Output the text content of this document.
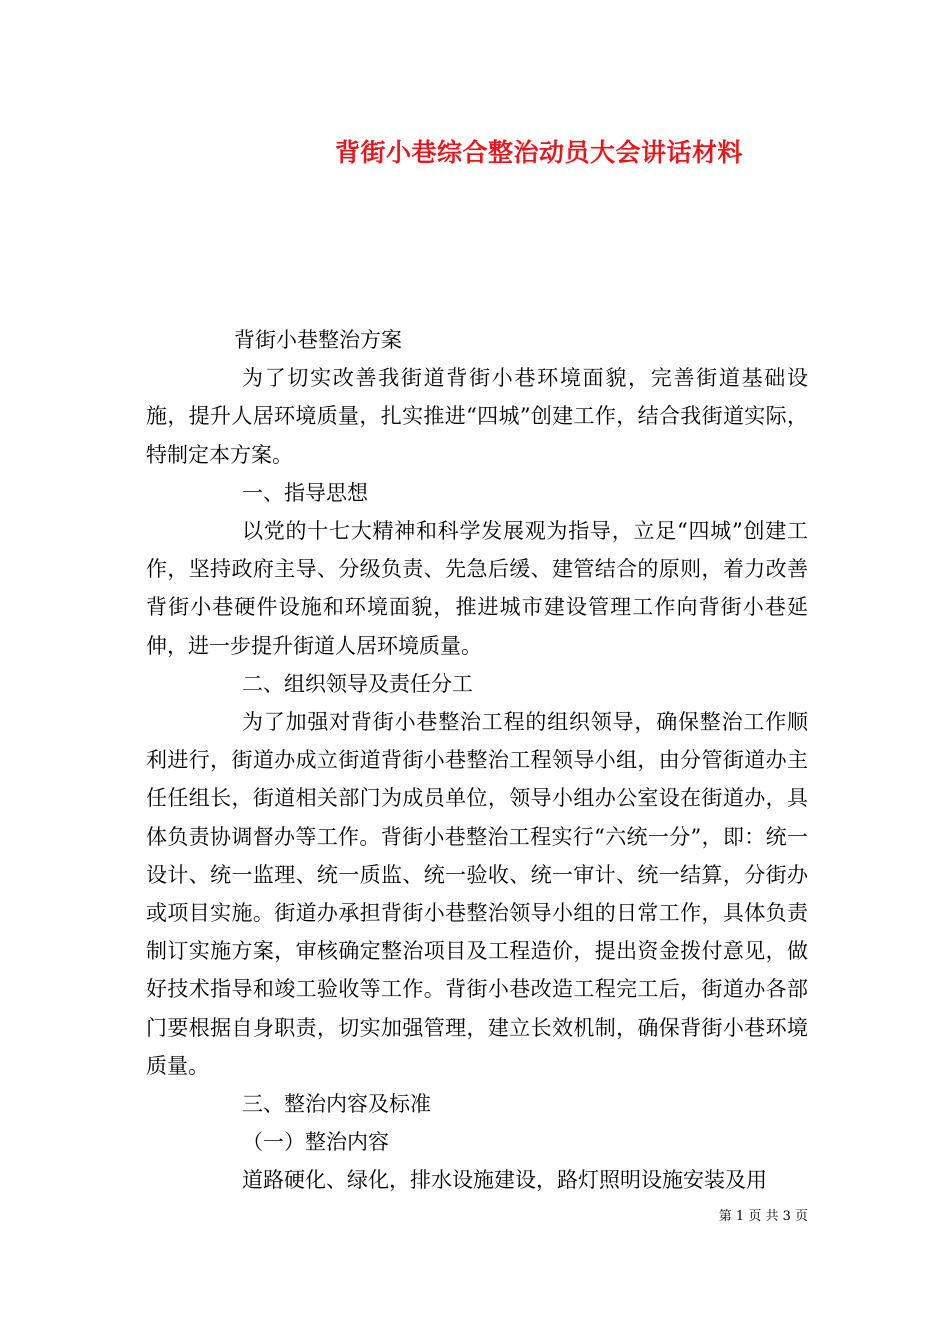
背街小巷综合整治动员大会讲话材料

背街小巷整治方案

为了切实改善我街道背街小巷环境面貌，完善街道基础设施，提升人居环境质量，扎实推进“四城”创建工作，结合我街道实际，特制定本方案。

一、指导思想

以党的十七大精神和科学发展观为指导，立足“四城”创建工作，坚持政府主导、分级负责、先急后缓、建管结合的原则，着力改善背街小巷硬件设施和环境面貌，推进城市建设管理工作向背街小巷延伸，进一步提升街道人居环境质量。

二、组织领导及责任分工

为了加强对背街小巷整治工程的组织领导，确保整治工作顺利进行，街道办成立街道背街小巷整治工程领导小组，由分管街道办主任任组长，街道相关部门为成员单位，领导小组办公室设在街道办，具体负责协调督办等工作。背街小巷整治工程实行“六统一分”，即：统一设计、统一监理、统一质监、统一验收、统一审计、统一结算，分街办或项目实施。街道办承担背街小巷整治领导小组的日常工作，具体负责制订实施方案，审核确定整治项目及工程造价，提出资金拨付意见，做好技术指导和竣工验收等工作。背街小巷改造工程完工后，街道办各部门要根据自身职责，切实加强管理，建立长效机制，确保背街小巷环境质量。

三、整治内容及标准

（一）整治内容

道路硬化、绿化，排水设施建设，路灯照明设施安装及用

第 1 页 共 3 页
